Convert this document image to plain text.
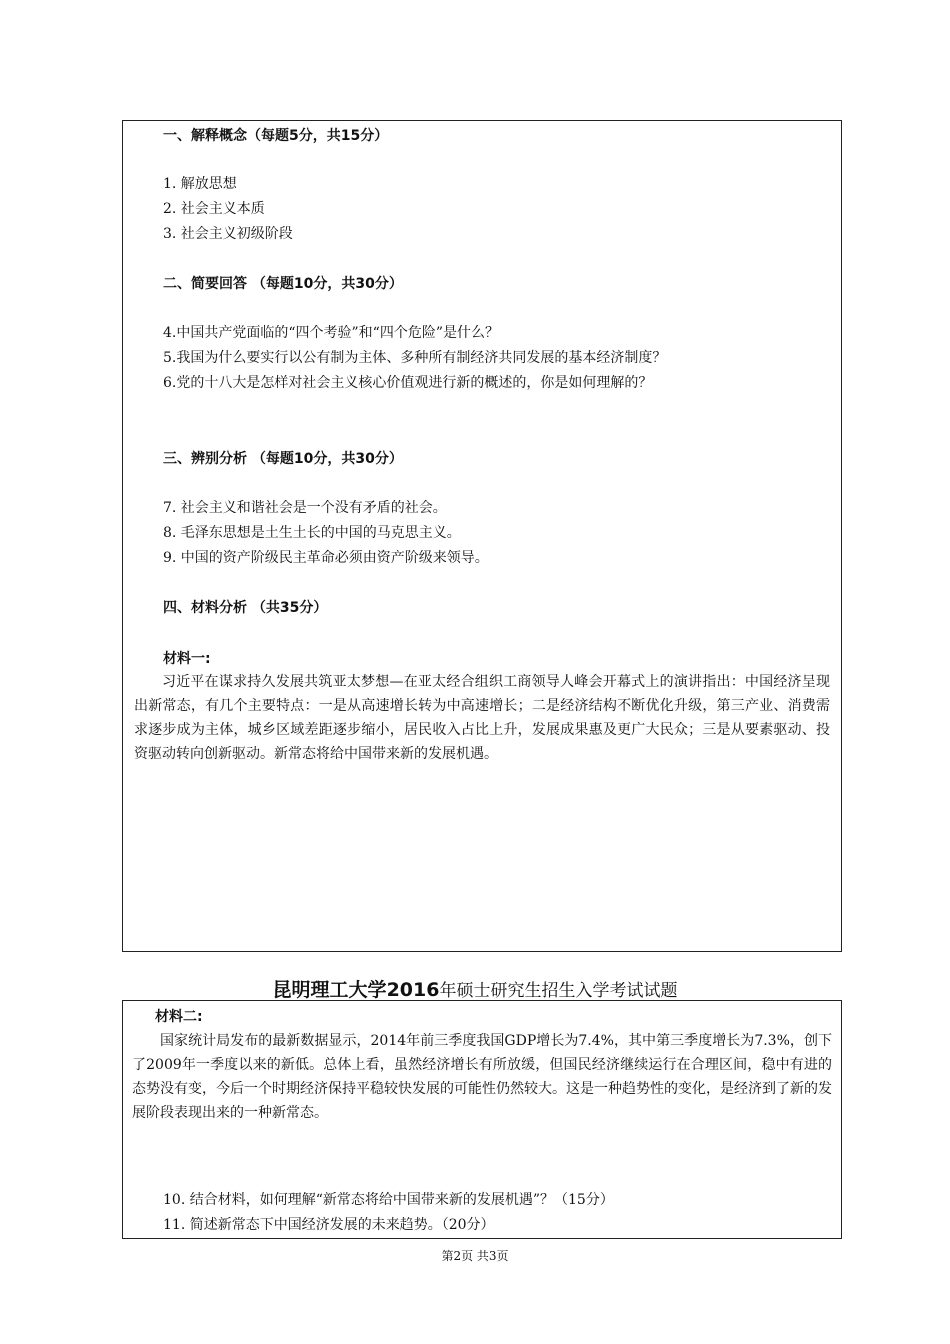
一、解释概念（每题5分，共15分）
1. 解放思想
2. 社会主义本质
3. 社会主义初级阶段
二、简要回答 （每题10分，共30分）
4.中国共产党面临的“四个考验”和“四个危险”是什么？
5.我国为什么要实行以公有制为主体、多种所有制经济共同发展的基本经济制度？
6.党的十八大是怎样对社会主义核心价值观进行新的概述的，你是如何理解的？
三、辨别分析 （每题10分，共30分）
7. 社会主义和谐社会是一个没有矛盾的社会。
8. 毛泽东思想是土生土长的中国的马克思主义。
9. 中国的资产阶级民主革命必须由资产阶级来领导。
四、材料分析 （共35分）
材料一:
习近平在谋求持久发展共筑亚太梦想—在亚太经合组织工商领导人峰会开幕式上的演讲指出：中国经济呈现出新常态，有几个主要特点：一是从高速增长转为中高速增长；二是经济结构不断优化升级，第三产业、消费需求逐步成为主体，城乡区域差距逐步缩小，居民收入占比上升，发展成果惠及更广大民众；三是从要素驱动、投资驱动转向创新驱动。新常态将给中国带来新的发展机遇。
昆明理工大学2016年硕士研究生招生入学考试试题
材料二:
国家统计局发布的最新数据显示，2014年前三季度我国GDP增长为7.4%，其中第三季度增长为7.3%，创下了2009年一季度以来的新低。总体上看，虽然经济增长有所放缓，但国民经济继续运行在合理区间，稳中有进的态势没有变，今后一个时期经济保持平稳较快发展的可能性仍然较大。这是一种趋势性的变化，是经济到了新的发展阶段表现出来的一种新常态。
10. 结合材料，如何理解“新常态将给中国带来新的发展机遇”？（15分）
11. 简述新常态下中国经济发展的未来趋势。（20分）
第2页 共3页
